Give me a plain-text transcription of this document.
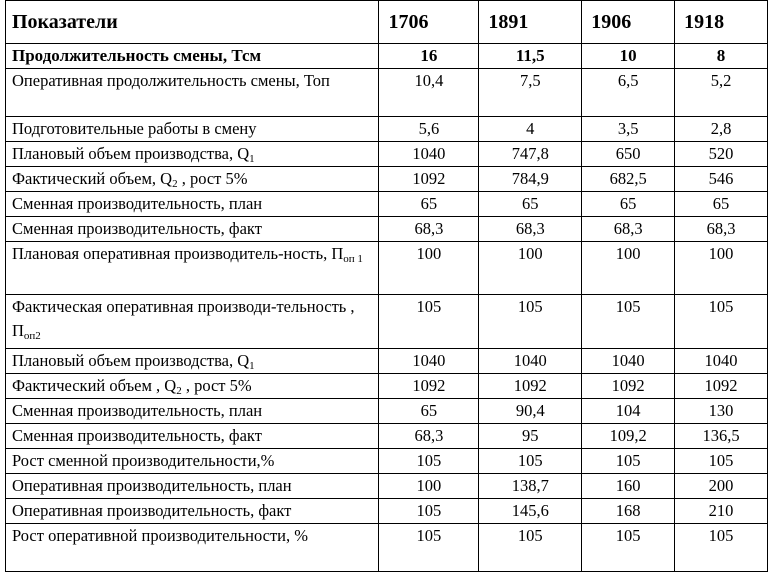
Показатели	1706	1891	1906	1918
Продолжительность смены, Тсм	16	11,5	10	8
Оперативная продолжительность смены, Топ	10,4	7,5	6,5	5,2
Подготовительные работы в смену	5,6	4	3,5	2,8
Плановый объем производства, $Q_1$	1040	747,8	650	520
Фактический объем, $Q_2$ , рост 5%	1092	784,9	682,5	546
Сменная производительность, план	65	65	65	65
Сменная производительность, факт	68,3	68,3	68,3	68,3
Плановая оперативная производитель-ность, $П_{оп 1}$	100	100	100	100
Фактическая оперативная производи-тельность , $П_{оп2}$	105	105	105	105
Плановый объем производства, $Q_1$	1040	1040	1040	1040
Фактический объем , $Q_2$ , рост 5%	1092	1092	1092	1092
Сменная производительность, план	65	90,4	104	130
Сменная производительность, факт	68,3	95	109,2	136,5
Рост сменной производительности,%	105	105	105	105
Оперативная производительность, план	100	138,7	160	200
Оперативная производительность, факт	105	145,6	168	210
Рост оперативной производительности, %	105	105	105	105
